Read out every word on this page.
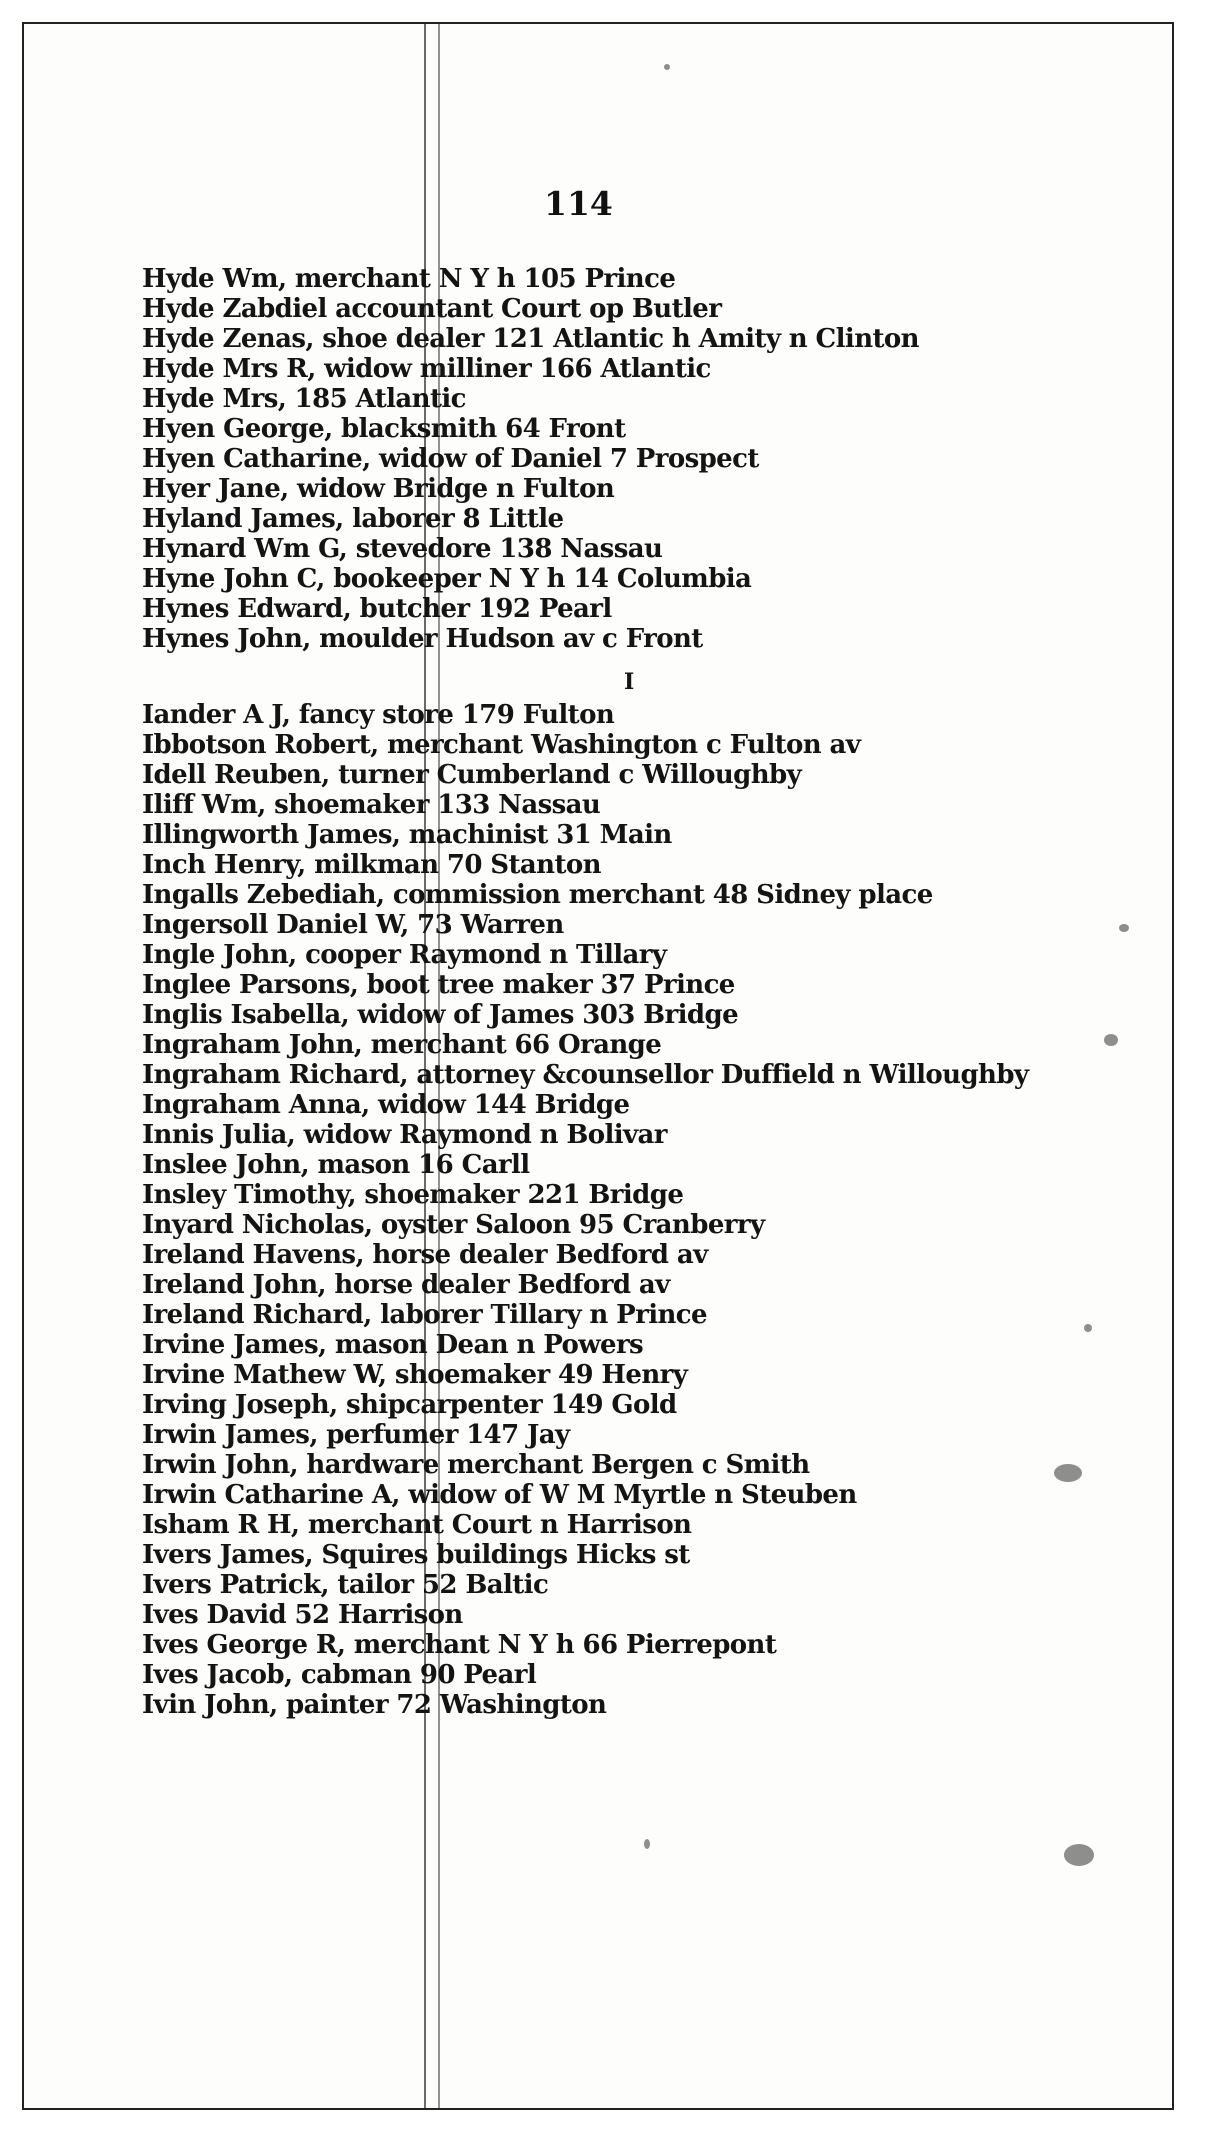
114
Hyde Wm, merchant N Y h 105 Prince
Hyde Zabdiel accountant Court op Butler
Hyde Zenas, shoe dealer 121 Atlantic h Amity n Clinton
Hyde Mrs R, widow milliner 166 Atlantic
Hyde Mrs, 185 Atlantic
Hyen George, blacksmith 64 Front
Hyen Catharine, widow of Daniel 7 Prospect
Hyer Jane, widow Bridge n Fulton
Hyland James, laborer 8 Little
Hynard Wm G, stevedore 138 Nassau
Hyne John C, bookeeper N Y h 14 Columbia
Hynes Edward, butcher 192 Pearl
Hynes John, moulder Hudson av c Front
I
Iander A J, fancy store 179 Fulton
Ibbotson Robert, merchant Washington c Fulton av
Idell Reuben, turner Cumberland c Willoughby
Iliff Wm, shoemaker 133 Nassau
Illingworth James, machinist 31 Main
Inch Henry, milkman 70 Stanton
Ingalls Zebediah, commission merchant 48 Sidney place
Ingersoll Daniel W, 73 Warren
Ingle John, cooper Raymond n Tillary
Inglee Parsons, boot tree maker 37 Prince
Inglis Isabella, widow of James 303 Bridge
Ingraham John, merchant 66 Orange
Ingraham Richard, attorney &counsellor Duffield n Willoughby
Ingraham Anna, widow 144 Bridge
Innis Julia, widow Raymond n Bolivar
Inslee John, mason 16 Carll
Insley Timothy, shoemaker 221 Bridge
Inyard Nicholas, oyster Saloon 95 Cranberry
Ireland Havens, horse dealer Bedford av
Ireland John, horse dealer Bedford av
Ireland Richard, laborer Tillary n Prince
Irvine James, mason Dean n Powers
Irvine Mathew W, shoemaker 49 Henry
Irving Joseph, shipcarpenter 149 Gold
Irwin James, perfumer 147 Jay
Irwin John, hardware merchant Bergen c Smith
Irwin Catharine A, widow of W M Myrtle n Steuben
Isham R H, merchant Court n Harrison
Ivers James, Squires buildings Hicks st
Ivers Patrick, tailor 52 Baltic
Ives David 52 Harrison
Ives George R, merchant N Y h 66 Pierrepont
Ives Jacob, cabman 90 Pearl
Ivin John, painter 72 Washington
